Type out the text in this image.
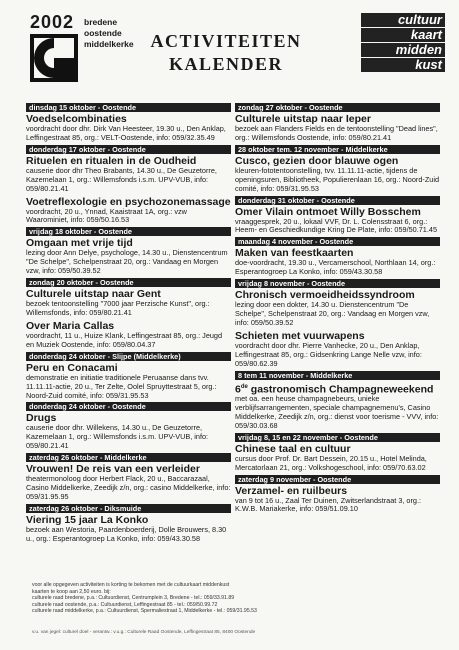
2002 bredene
oostende
middelkerke ACTIVITEITEN
KALENDER
cultuur
kaart
midden
kust
dinsdag 15 oktober - Oostende
Voedselcombinaties
voordracht door dhr. Dirk Van Heesteer, 19.30 u., Den Anklap, Leffingestraat 85, org.: VELT-Oostende, info: 059/32.35.49
donderdag 17 oktober - Oostende
Rituelen en ritualen in de Oudheid
causerie door dhr Theo Brabants, 14.30 u., De Geuzetorre, Kazemelaan 1, org.: Willemsfonds i.s.m. UPV-VUB, info: 059/80.21.41
Voetreflexologie en psychozonemassage
voordracht, 20 u., Ynnad, Kaaistraat 1A, org.: vzw Waarominiet, info: 059/50.16.53
vrijdag 18 oktober - Oostende
Omgaan met vrije tijd
lezing door Ann Delye, psychologe, 14.30 u., Dienstencentrum "De Schelpe", Schelpenstraat 20, org.: Vandaag en Morgen vzw, info: 059/50.39.52
zondag 20 oktober - Oostende
Culturele uitstap naar Gent
bezoek tentoonstelling "7000 jaar Perzische Kunst", org.: Willemsfonds, info: 059/80.21.41
Over Maria Callas
voordracht, 11 u., Huize Klank, Leffingestraat 85, org.: Jeugd en Muziek Oostende, info: 059/80.04.37
donderdag 24 oktober - Slijpe (Middelkerke)
Peru en Conacami
demonstratie en initiatie traditionele Peruaanse dans tvv. 11.11.11-actie, 20 u., Ter Zelte, Oolel Spruyttestraat 5, org.: Noord-Zuid comité, info: 059/31.95.53
donderdag 24 oktober - Oostende
Drugs
causerie door dhr. Willekens, 14.30 u., De Geuzetorre, Kazemelaan 1, org.: Willemsfonds i.s.m. UPV-VUB, info: 059/80.21.41
zaterdag 26 oktober - Middelkerke
Vrouwen! De reis van een verleider
theatermonoloog door Herbert Flack, 20 u., Baccarazaal, Casino Middelkerke, Zeedijk z/n, org.: casino Middelkerke, info: 059/31.95.95
zaterdag 26 oktober - Diksmuide
Viering 15 jaar La Konko
bezoek aan Westoria, Paardenboerderij, Dolle Brouwers, 8.30 u., org.: Esperantogroep La Konko, info: 059/43.30.58
zondag 27 oktober - Oostende
Culturele uitstap naar Ieper
bezoek aan Flanders Fields en de tentoonstelling "Dead lines", org.: Willemsfonds Oostende, info: 059/80.21.41
28 oktober tem. 12 november - Middelkerke
Cusco, gezien door blauwe ogen
kleuren-fototentoonstelling, tvv. 11.11.11-actie, tijdens de openingsuren, Bibliotheek, Populierenlaan 16, org.: Noord-Zuid comité, info: 059/31.95.53
donderdag 31 oktober - Oostende
Omer Vilain ontmoet Willy Bosschem
vraaggesprek, 20 u., lokaal VVF, Dr. L. Colensstraat 6, org.: Heem- en Geschiedkundige Kring De Plate, info: 059/50.71.45
maandag 4 november - Oostende
Maken van feestkaarten
doe-voordracht, 19.30 u., Vercamerschool, Northlaan 14, org.: Esperantogroep La Konko, info: 059/43.30.58
vrijdag 8 november - Oostende
Chronisch vermoeidheidssyndroom
lezing door een dokter, 14.30 u. Dienstencentrum "De Schelpe", Schelpenstraat 20, org.: Vandaag en Morgen vzw, info: 059/50.39.52
Schieten met vuurwapens
voordracht door dhr. Pierre Vanhecke, 20 u., Den Anklap, Leffingestraat 85, org.: Gidsenkring Lange Nelle vzw, info: 059/80.62.39
8 tem 11 november - Middelkerke
6de gastronomisch Champagneweekend
met oa. een heuse champagnebeurs, unieke verblijfsarrangementen, speciale champagnemenu's, Casino Middelkerke, Zeedijk z/n, org.: dienst voor toerisme - VVV, info: 059/30.03.68
vrijdag 8, 15 en 22 november - Oostende
Chinese taal en cultuur
cursus door Prof. Dr. Bart Dessein, 20.15 u., Hotel Melinda, Mercatorlaan 21, org.: Volkshogeschool, info: 059/70.63.02
zaterdag 9 november - Oostende
Verzamel- en ruilbeurs
van 9 tot 16 u., Zaal Ter Duinen, Zwitserlandstraat 3, org.: K.W.B. Mariakerke, info: 059/51.09.10
voor alle opgegeven activiteiten is korting te bekomen met de cultuurkaart middenkust
kaarten te koop aan 2,50 euro. bij:
culturele raad bredene, p.a.: Cultuurdienst, Centrumplein 3, Bredene - tel.: 059/33.91.89
culturele raad oostende, p.a.: Cultuurdienst, Leffingestraat 85 - tel.: 059/50.99.72
culturele raad middelkerke, p.a.: Cultuurdienst, Spermaliestraat 1, Middelkerke - tel.: 059/31.95.53
v.u. van jegel: culturel doel - verantw.: v.u.g.: Culturele Raad Oostende, Leffingestraat 85, 8400 Oostende
